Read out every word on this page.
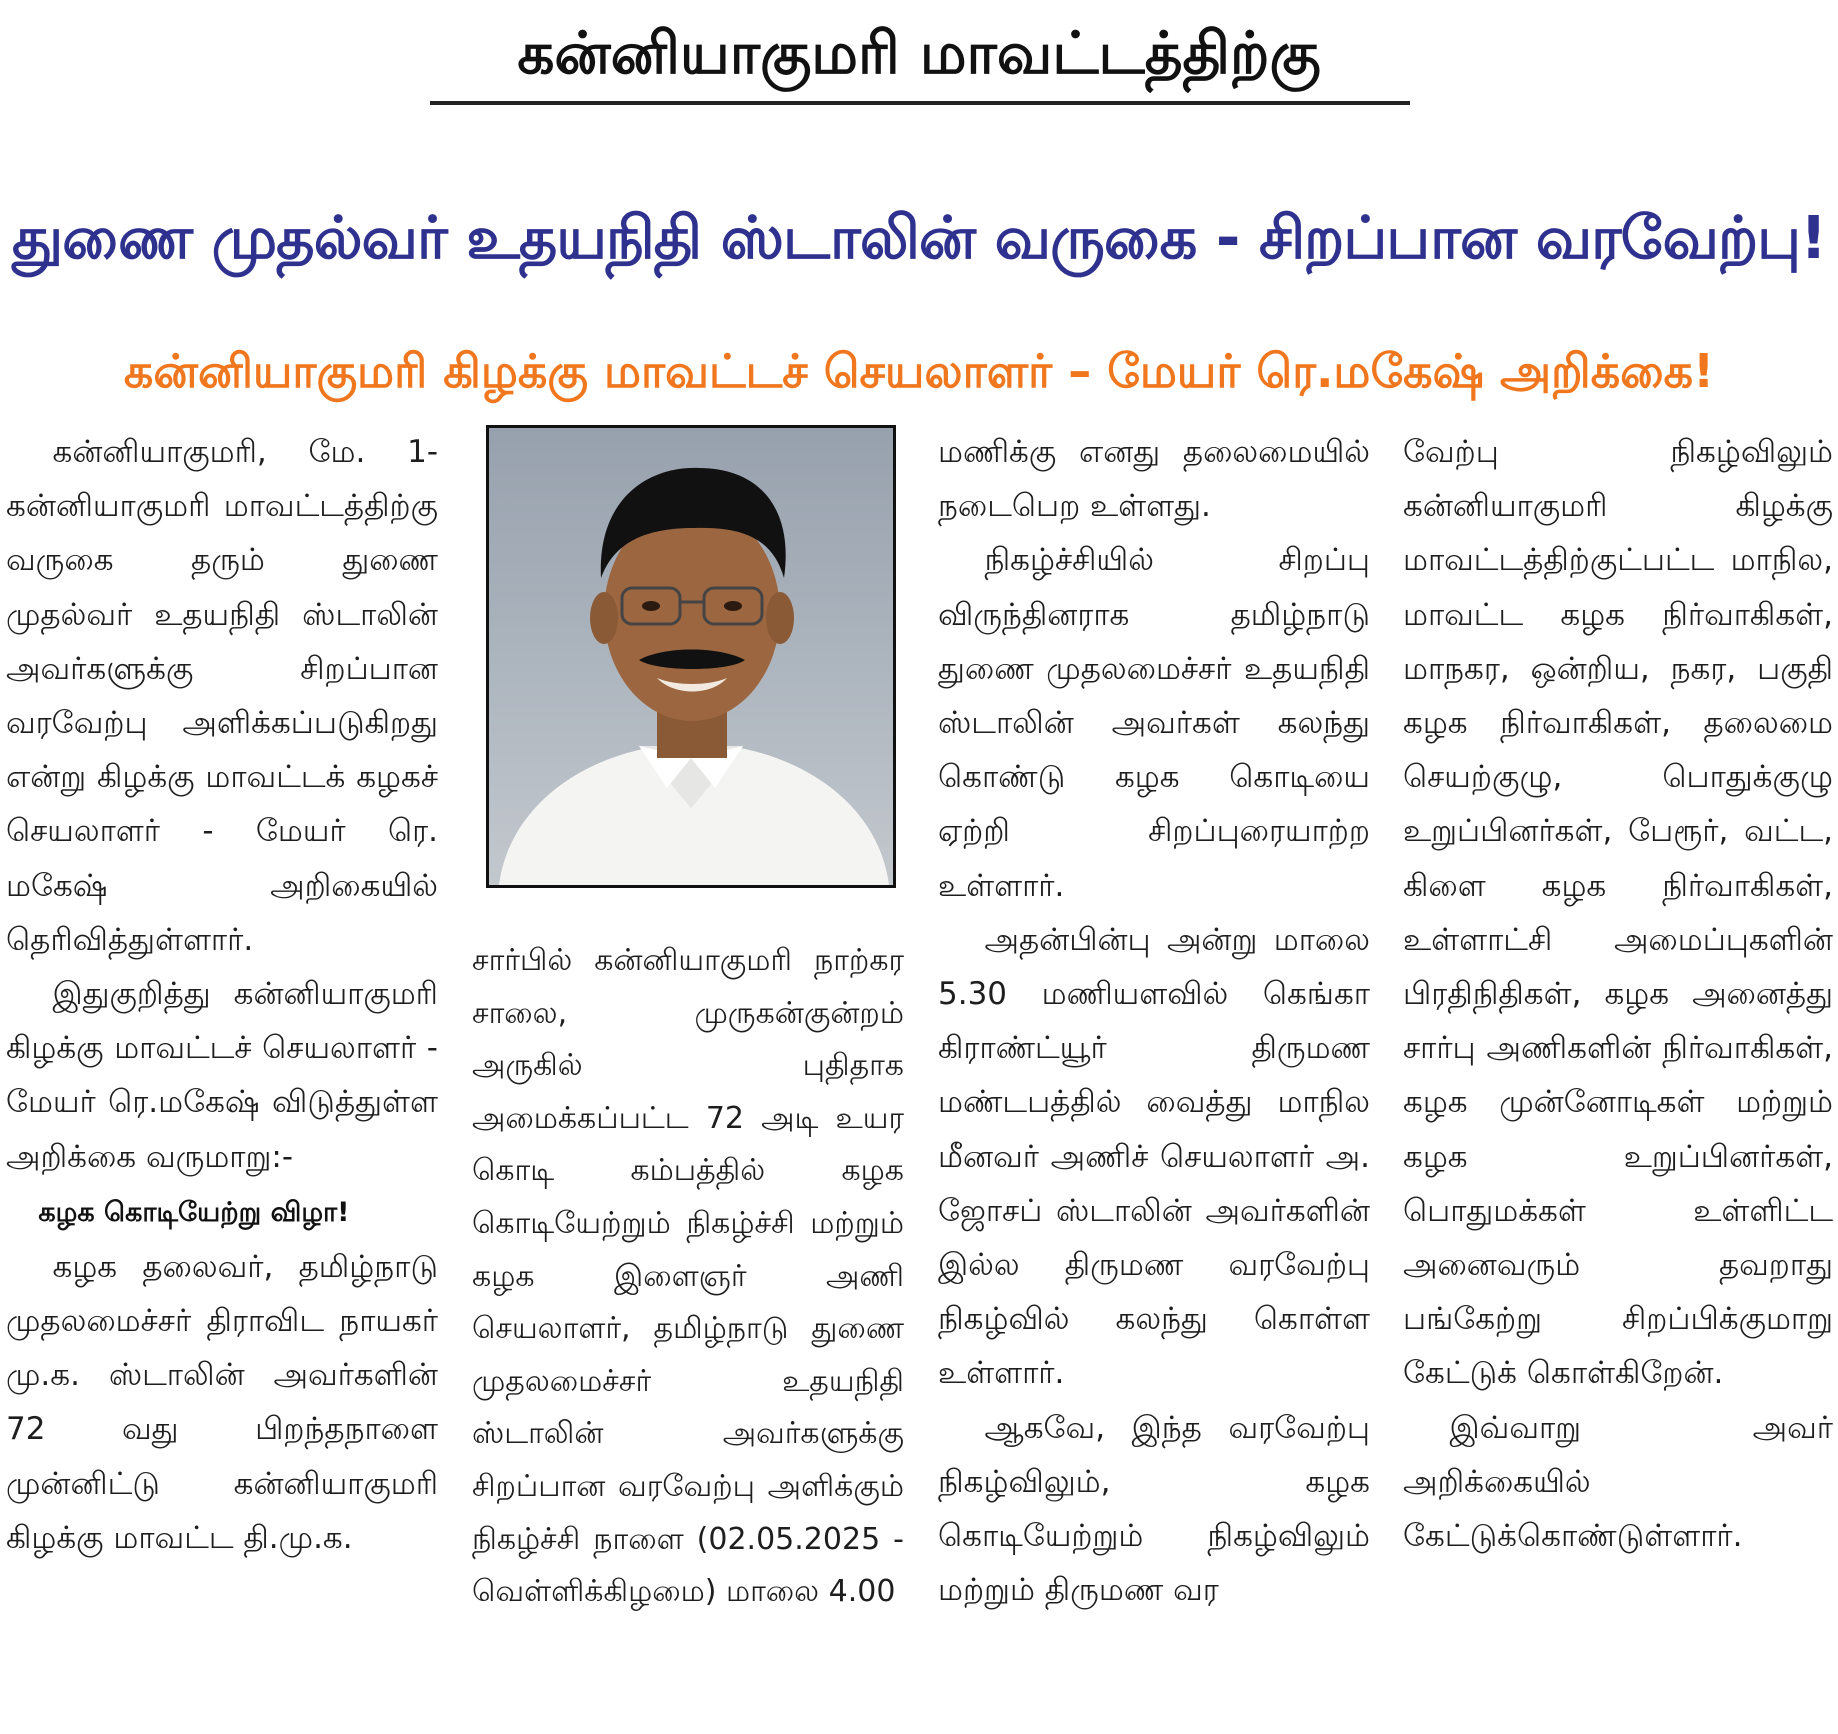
கன்னியாகுமரி மாவட்டத்திற்கு
துணை முதல்வர் உதயநிதி ஸ்டாலின் வருகை - சிறப்பான வரவேற்பு!
கன்னியாகுமரி கிழக்கு மாவட்டச் செயலாளர் – மேயர் ரெ.மகேஷ் அறிக்கை!

கன்னியாகுமரி, மே. 1- கன்னியாகுமரி மாவட்டத்திற்கு வருகை தரும் துணை முதல்வர் உதயநிதி ஸ்டாலின் அவர்களுக்கு சிறப்பான வரவேற்பு அளிக்கப்படுகிறது என்று கிழக்கு மாவட்டக் கழகச் செயலாளர் - மேயர் ரெ. மகேஷ் அறிகையில் தெரிவித்துள்ளார்.

இதுகுறித்து கன்னியாகுமரி கிழக்கு மாவட்டச் செயலாளர் - மேயர் ரெ.மகேஷ் விடுத்துள்ள அறிக்கை வருமாறு:-

கழக கொடியேற்று விழா!

கழக தலைவர், தமிழ்நாடு முதலமைச்சர் திராவிட நாயகர் மு.க. ஸ்டாலின் அவர்களின் 72 வது பிறந்தநாளை முன்னிட்டு கன்னியாகுமரி கிழக்கு மாவட்ட தி.மு.க.

சார்பில் கன்னியாகுமரி நாற்கர சாலை, முருகன்குன்றம் அருகில் புதிதாக அமைக்கப்பட்ட 72 அடி உயர கொடி கம்பத்தில் கழக கொடியேற்றும் நிகழ்ச்சி மற்றும் கழக இளைஞர் அணி செயலாளர், தமிழ்நாடு துணை முதலமைச்சர் உதயநிதி ஸ்டாலின் அவர்களுக்கு சிறப்பான வரவேற்பு அளிக்கும் நிகழ்ச்சி நாளை (02.05.2025 - வெள்ளிக்கிழமை) மாலை 4.00

மணிக்கு எனது தலைமையில் நடைபெற உள்ளது.

நிகழ்ச்சியில் சிறப்பு விருந்தினராக தமிழ்நாடு துணை முதலமைச்சர் உதயநிதி ஸ்டாலின் அவர்கள் கலந்து கொண்டு கழக கொடியை ஏற்றி சிறப்புரையாற்ற உள்ளார்.

அதன்பின்பு அன்று மாலை 5.30 மணியளவில் கெங்கா கிராண்ட்யூர் திருமண மண்டபத்தில் வைத்து மாநில மீனவர் அணிச் செயலாளர் அ. ஜோசப் ஸ்டாலின் அவர்களின் இல்ல திருமண வரவேற்பு நிகழ்வில் கலந்து கொள்ள உள்ளார்.

ஆகவே, இந்த வரவேற்பு நிகழ்விலும், கழக கொடியேற்றும் நிகழ்விலும் மற்றும் திருமண வர

வேற்பு நிகழ்விலும் கன்னியாகுமரி கிழக்கு மாவட்டத்திற்குட்பட்ட மாநில, மாவட்ட கழக நிர்வாகிகள், மாநகர, ஒன்றிய, நகர, பகுதி கழக நிர்வாகிகள், தலைமை செயற்குழு, பொதுக்குழு உறுப்பினர்கள், பேரூர், வட்ட, கிளை கழக நிர்வாகிகள், உள்ளாட்சி அமைப்புகளின் பிரதிநிதிகள், கழக அனைத்து சார்பு அணிகளின் நிர்வாகிகள், கழக முன்னோடிகள் மற்றும் கழக உறுப்பினர்கள், பொதுமக்கள் உள்ளிட்ட அனைவரும் தவறாது பங்கேற்று சிறப்பிக்குமாறு கேட்டுக் கொள்கிறேன்.

இவ்வாறு அவர் அறிக்கையில் கேட்டுக்கொண்டுள்ளார்.
